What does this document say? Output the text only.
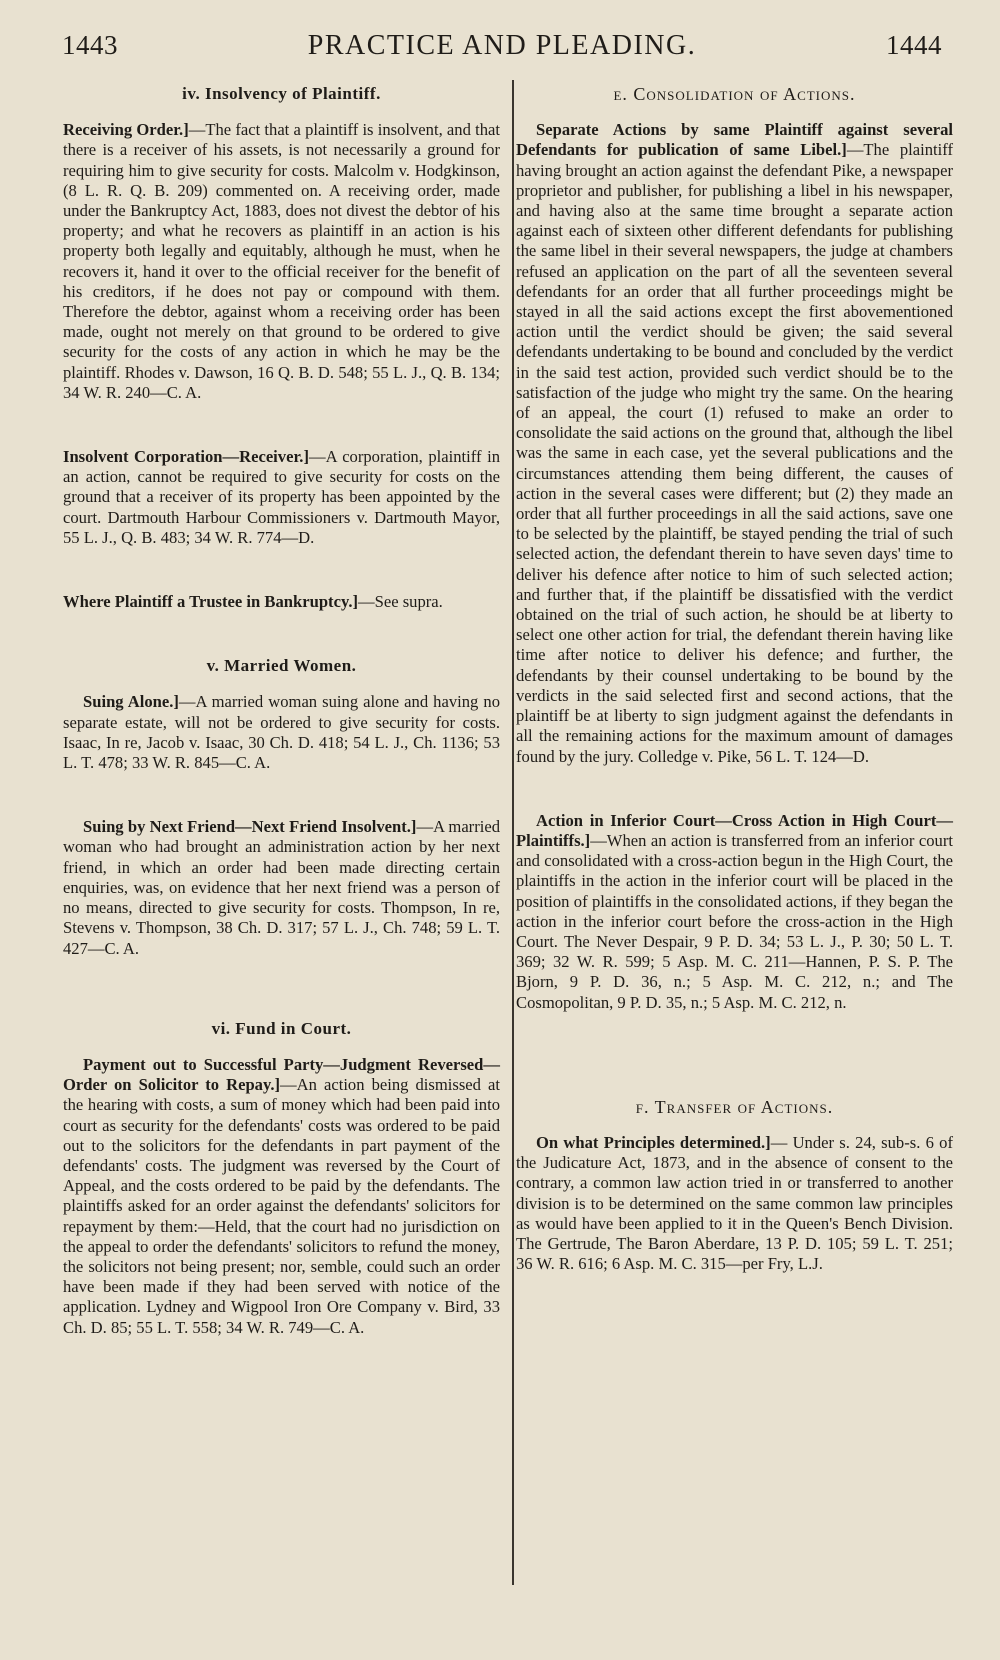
1443	PRACTICE AND PLEADING.	1444
iv. Insolvency of Plaintiff.

Receiving Order.]—The fact that a plaintiff is insolvent, and that there is a receiver of his assets, is not necessarily a ground for requiring him to give security for costs. Malcolm v. Hodgkinson, (8 L. R. Q. B. 209) commented on. A receiving order, made under the Bankruptcy Act, 1883, does not divest the debtor of his property; and what he recovers as plaintiff in an action is his property both legally and equitably, although he must, when he recovers it, hand it over to the official receiver for the benefit of his creditors, if he does not pay or compound with them. Therefore the debtor, against whom a receiving order has been made, ought not merely on that ground to be ordered to give security for the costs of any action in which he may be the plaintiff. Rhodes v. Dawson, 16 Q. B. D. 548; 55 L. J., Q. B. 134; 34 W. R. 240—C. A.

Insolvent Corporation—Receiver.]—A corporation, plaintiff in an action, cannot be required to give security for costs on the ground that a receiver of its property has been appointed by the court. Dartmouth Harbour Commissioners v. Dartmouth Mayor, 55 L. J., Q. B. 483; 34 W. R. 774—D.

Where Plaintiff a Trustee in Bankruptcy.]—See supra.

v. Married Women.

Suing Alone.]—A married woman suing alone and having no separate estate, will not be ordered to give security for costs. Isaac, In re, Jacob v. Isaac, 30 Ch. D. 418; 54 L. J., Ch. 1136; 53 L. T. 478; 33 W. R. 845—C. A.

Suing by Next Friend—Next Friend Insolvent.]—A married woman who had brought an administration action by her next friend, in which an order had been made directing certain enquiries, was, on evidence that her next friend was a person of no means, directed to give security for costs. Thompson, In re, Stevens v. Thompson, 38 Ch. D. 317; 57 L. J., Ch. 748; 59 L. T. 427—C. A.

vi. Fund in Court.

Payment out to Successful Party—Judgment Reversed—Order on Solicitor to Repay.]—An action being dismissed at the hearing with costs, a sum of money which had been paid into court as security for the defendants' costs was ordered to be paid out to the solicitors for the defendants in part payment of the defendants' costs. The judgment was reversed by the Court of Appeal, and the costs ordered to be paid by the defendants. The plaintiffs asked for an order against the defendants' solicitors for repayment by them:—Held, that the court had no jurisdiction on the appeal to order the defendants' solicitors to refund the money, the solicitors not being present; nor, semble, could such an order have been made if they had been served with notice of the application. Lydney and Wigpool Iron Ore Company v. Bird, 33 Ch. D. 85; 55 L. T. 558; 34 W. R. 749—C. A.

e. Consolidation of Actions.

Separate Actions by same Plaintiff against several Defendants for publication of same Libel.]—The plaintiff having brought an action against the defendant Pike, a newspaper proprietor and publisher, for publishing a libel in his newspaper, and having also at the same time brought a separate action against each of sixteen other different defendants for publishing the same libel in their several newspapers, the judge at chambers refused an application on the part of all the seventeen several defendants for an order that all further proceedings might be stayed in all the said actions except the first abovementioned action until the verdict should be given; the said several defendants undertaking to be bound and concluded by the verdict in the said test action, provided such verdict should be to the satisfaction of the judge who might try the same. On the hearing of an appeal, the court (1) refused to make an order to consolidate the said actions on the ground that, although the libel was the same in each case, yet the several publications and the circumstances attending them being different, the causes of action in the several cases were different; but (2) they made an order that all further proceedings in all the said actions, save one to be selected by the plaintiff, be stayed pending the trial of such selected action, the defendant therein to have seven days' time to deliver his defence after notice to him of such selected action; and further that, if the plaintiff be dissatisfied with the verdict obtained on the trial of such action, he should be at liberty to select one other action for trial, the defendant therein having like time after notice to deliver his defence; and further, the defendants by their counsel undertaking to be bound by the verdicts in the said selected first and second actions, that the plaintiff be at liberty to sign judgment against the defendants in all the remaining actions for the maximum amount of damages found by the jury. Colledge v. Pike, 56 L. T. 124—D.

Action in Inferior Court—Cross Action in High Court—Plaintiffs.]—When an action is transferred from an inferior court and consolidated with a cross-action begun in the High Court, the plaintiffs in the action in the inferior court will be placed in the position of plaintiffs in the consolidated actions, if they began the action in the inferior court before the cross-action in the High Court. The Never Despair, 9 P. D. 34; 53 L. J., P. 30; 50 L. T. 369; 32 W. R. 599; 5 Asp. M. C. 211—Hannen, P. S. P. The Bjorn, 9 P. D. 36, n.; 5 Asp. M. C. 212, n.; and The Cosmopolitan, 9 P. D. 35, n.; 5 Asp. M. C. 212, n.

f. Transfer of Actions.

On what Principles determined.]— Under s. 24, sub-s. 6 of the Judicature Act, 1873, and in the absence of consent to the contrary, a common law action tried in or transferred to another division is to be determined on the same common law principles as would have been applied to it in the Queen's Bench Division. The Gertrude, The Baron Aberdare, 13 P. D. 105; 59 L. T. 251; 36 W. R. 616; 6 Asp. M. C. 315—per Fry, L.J.
